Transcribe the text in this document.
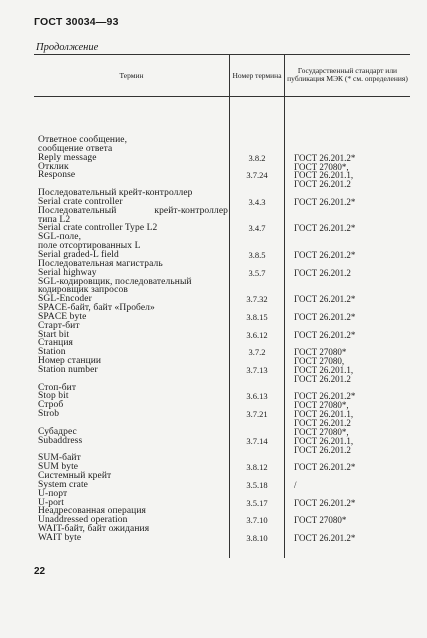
ГОСТ 30034—93
Продолжение
Термин	Номер термина
Государственный стандарт или публикация МЭК (* см. определения)
Ответное сообщение,
сообщение ответа
Reply message
Отклик
Response
Последовательный крейт-контроллер
Serial crate controller
Последовательный	крейт-контроллер
типа L2
Serial crate controller Type L2
SGL-поле,
поле отсортированных L
Serial graded-L field
Последовательная магистраль
Serial highway
SGL-кодировщик, последовательный
кодировщик запросов
SGL-Encoder
SPACE-байт, байт «Пробел»
SPACE byte
Старт-бит
Start bit
Станция
Station
Номер станции
Station number
Стоп-бит
Stop bit
Строб
Strob
Субадрес
Subaddress
SUM-байт
SUM byte
Системный крейт
System crate
U-порт
U-port
Неадресованная операция
Unaddressed operation
WAIT-байт, байт ожидания
WAIT byte
3.8.2
3.7.24
3.4.3
3.4.7
3.8.5
3.5.7
3.7.32
3.8.15
3.6.12
3.7.2
3.7.13
3.6.13
3.7.21
3.7.14
3.8.12
3.5.18
3.5.17
3.7.10
3.8.10
ГОСТ 26.201.2*
ГОСТ 27080*,
ГОСТ 26.201.1,
ГОСТ 26.201.2
ГОСТ 26.201.2*
ГОСТ 26.201.2*
ГОСТ 26.201.2*
ГОСТ 26.201.2
ГОСТ 26.201.2*
ГОСТ 26.201.2*
ГОСТ 26.201.2*
ГОСТ 27080*
ГОСТ 27080,
ГОСТ 26.201.1,
ГОСТ 26.201.2
ГОСТ 26.201.2*
ГОСТ 27080*,
ГОСТ 26.201.1,
ГОСТ 26.201.2
ГОСТ 27080*,
ГОСТ 26.201.1,
ГОСТ 26.201.2
ГОСТ 26.201.2*
/
ГОСТ 26.201.2*
ГОСТ 27080*
ГОСТ 26.201.2*
22
